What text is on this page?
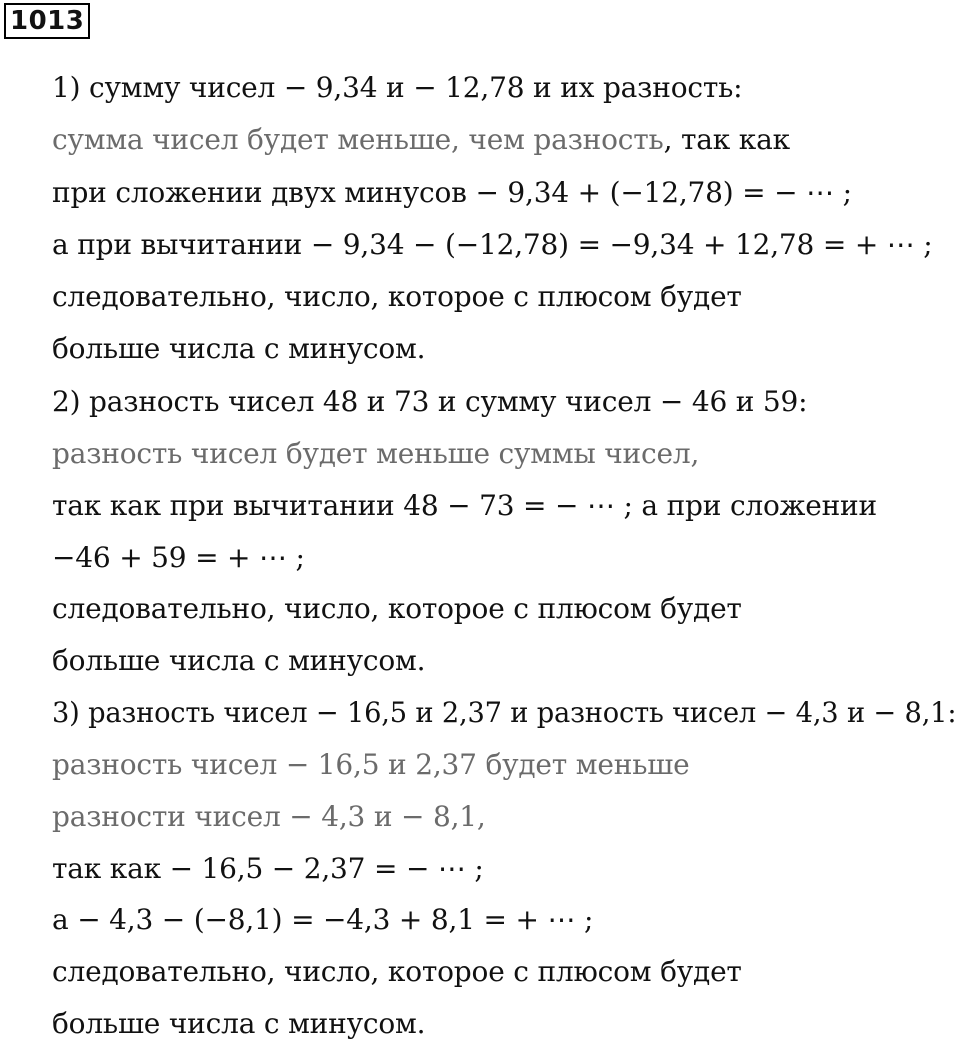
1013
1) сумму чисел − 9,34 и − 12,78 и их разность:
сумма чисел будет меньше, чем разность, так как
при сложении двух минусов − 9,34 + (−12,78) = − ⋯ ;
а при вычитании − 9,34 − (−12,78) = −9,34 + 12,78 = + ⋯ ;
следовательно, число, которое с плюсом будет
больше числа с минусом.
2) разность чисел 48 и 73 и сумму чисел − 46 и 59:
разность чисел будет меньше суммы чисел,
так как при вычитании 48 − 73 = − ⋯ ; а при сложении
−46 + 59 = + ⋯ ;
следовательно, число, которое с плюсом будет
больше числа с минусом.
3) разность чисел − 16,5 и 2,37 и разность чисел − 4,3 и − 8,1:
разность чисел − 16,5 и 2,37 будет меньше
разности чисел − 4,3 и − 8,1,
так как − 16,5 − 2,37 = − ⋯ ;
а − 4,3 − (−8,1) = −4,3 + 8,1 = + ⋯ ;
следовательно, число, которое с плюсом будет
больше числа с минусом.
